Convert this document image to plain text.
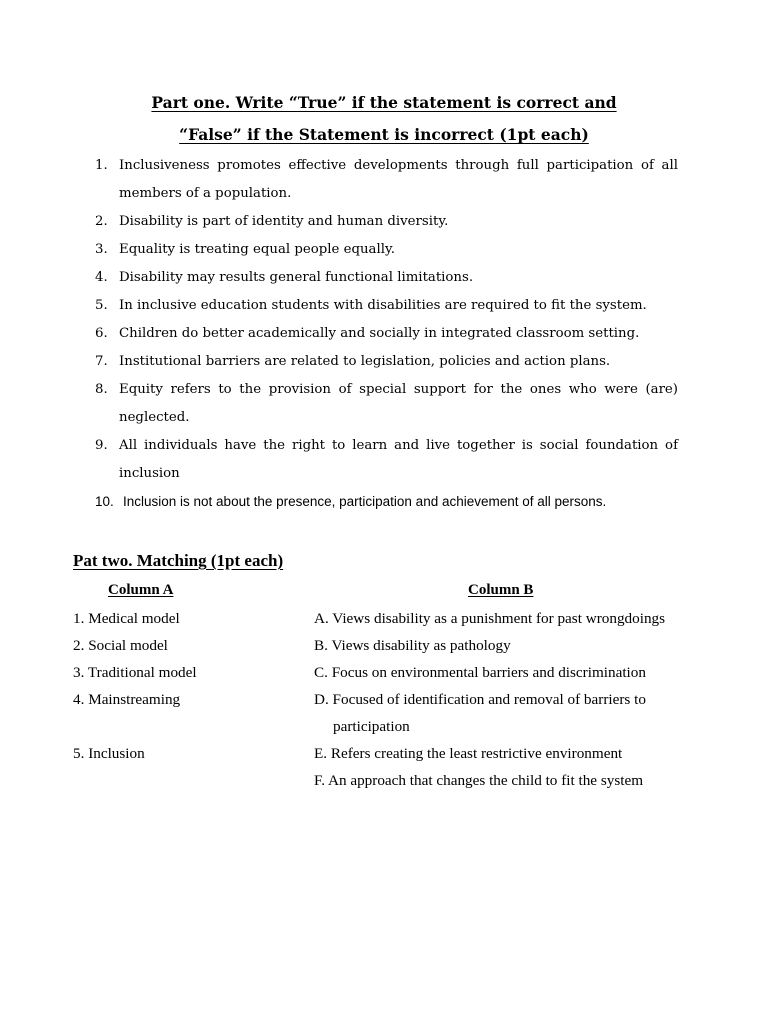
Part one. Write “True” if the statement is correct and
“False” if the Statement is incorrect (1pt each)
1. Inclusiveness promotes effective developments through full participation of all members of a population.
2. Disability is part of identity and human diversity.
3. Equality is treating equal people equally.
4. Disability may results general functional limitations.
5. In inclusive education students with disabilities are required to fit the system.
6. Children do better academically and socially in integrated classroom setting.
7. Institutional barriers are related to legislation, policies and action plans.
8. Equity refers to the provision of special support for the ones who were (are) neglected.
9. All individuals have the right to learn and live together is social foundation of inclusion
10. Inclusion is not about the presence, participation and achievement of all persons.
Pat two. Matching (1pt each)
Column A	Column B
1. Medical model
2. Social model
3. Traditional model
4. Mainstreaming
5. Inclusion
A. Views disability as a punishment for past wrongdoings
B. Views disability as pathology
C. Focus on environmental barriers and discrimination
D. Focused of identification and removal of barriers to
participation
E. Refers creating the least restrictive environment
F. An approach that changes the child to fit the system
